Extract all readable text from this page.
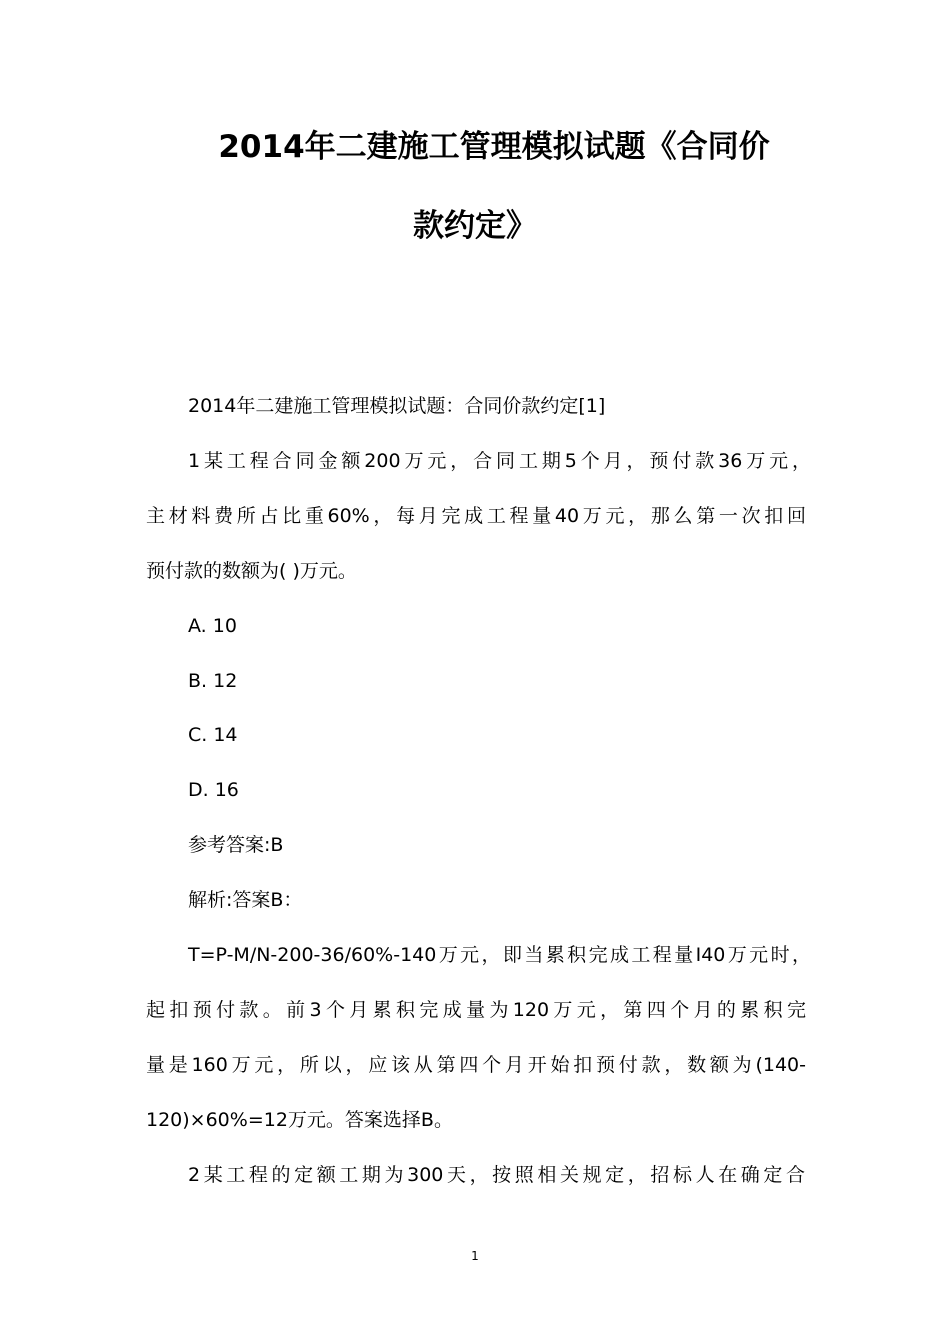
2014年二建施工管理模拟试题《合同价
款约定》
2014年二建施工管理模拟试题：合同价款约定[1]
1某工程合同金额200万元，合同工期5个月，预付款36万元，
主材料费所占比重60%，每月完成工程量40万元，那么第一次扣回
预付款的数额为( )万元。
A. 10
B. 12
C. 14
D. 16
参考答案:B
解析:答案B：
T=P-M/N-200-36/60%-140万元，即当累积完成工程量I40万元时，
起扣预付款。前3个月累积完成量为120万元，第四个月的累积完
量是160万元，所以，应该从第四个月开始扣预付款，数额为(140-
120)×60%=12万元。答案选择B。
2某工程的定额工期为300天，按照相关规定，招标人在确定合
1
